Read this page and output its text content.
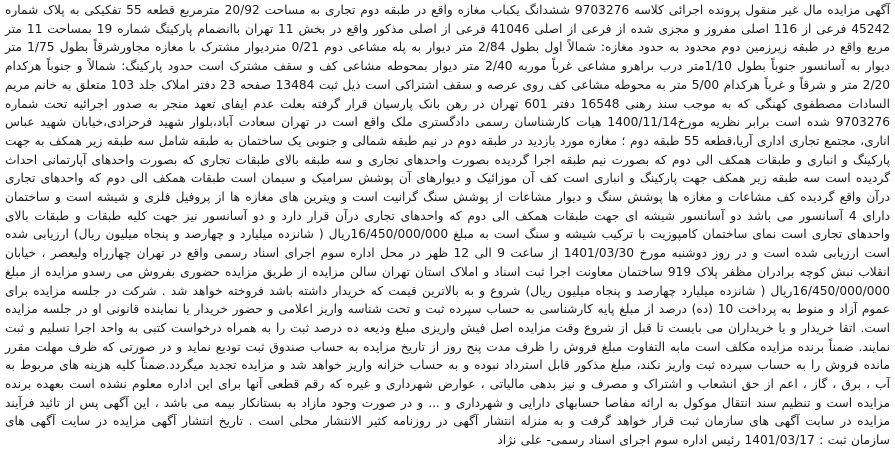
آگهی مزایده مال غیر منقول پرونده اجرائی کلاسه 9703276 ششدانگ یکباب مغازه واقع در طبقه دوم تجاری به مساحت 20/92 مترمربع قطعه 55 تفکیکی به پلاک شماره 45242 فرعی از 116 اصلی مفروز و مجزی شده از فرعی از اصلی 41046 فرعی از اصلی مذکور واقع در بخش 11 تهران باانضمام پارکینگ شماره 19 بمساحت 11 متر مربع واقع در طبقه زیرزمین دوم محدود به حدود مغازه: شمالاً اول بطول 2/84 متر دیوار به پله مشاعی دوم 0/21 متردیوار مشترک با مغازه مجاورشرقاً بطول 1/75 متر دیوار به آسانسور جنوباً بطول 1/10متر درب براهرو مشاعی غرباً موربه 2/40 متر دیوار بمحوطه مشاعی کف و سقف مشترک است حدود پارکینگ: شمالاً و جنوباً هرکدام 2/20 متر و شرقاً و غرباً هرکدام 5/00 متر به محوطه مشاعی کف روی عرصه و سقف اشتراکی است ذیل ثبت 13484 صفحه 23 دفتر املاک جلد 103 متعلق به خانم مریم السادات مصطفوی کهنگی که به موجب سند رهنی 16548 دفتر 601 تهران در رهن بانک پارسیان قرار گرفته بعلت عدم ایفای تعهد منجر به صدور اجرائیه تحت شماره 9703276 شده است برابر نظریه مورخ1400/11/14 هیات کارشناسان رسمی دادگستری ملک واقع است در تهران سعادت آباد،بلوار شهید فرحزادی،خیابان شهید عباس اناری، مجتمع تجاری اداری آریا،قطعه 55 طبقه دوم ؛ مغازه مورد بازدید در طبقه دوم در نیم طبقه شمالی و جنوبی یک ساختمان به طبقه شامل سه طبقه زیر همکف به جهت پارکینگ و انباری و طبقات همکف الی دوم که بصورت نیم طبقه اجرا گردیده بصورت واحدهای تجاری و سه طبقه بالای طبقات تجاری که بصورت واحدهای آپارتمانی احداث گردیده است سه طبقه زیر همکف جهت پارکینگ و انباری است کف آن موزائیک و دیوارهای آن پوشش سرامیک و سیمان است طبقات همکف الی دوم که واحدهای تجاری درآن واقع گردیده کف مشاعات و مغازه ها پوشش سنگ و دیوار مشاعات از پوشش سنگ گرانیت است و ویترین های مغازه ها از پروفیل فلزی و شیشه است و ساختمان دارای 4 آسانسور می باشد دو آسانسور شیشه ای جهت طبقات همکف الی دوم که واحدهای تجاری درآن قرار دارد و دو آسانسور نیز جهت کلیه طبقات و طبقات بالای واحدهای تجاری است نمای ساختمان کامپوزیت با ترکیب شیشه و سنگ است به مبلغ 16/450/000/000ریال ( شانزده میلیارد و چهارصد و پنجاه میلیون ریال) ارزیابی شده است ارزیابی شده است و در روز دوشنبه مورخ 1401/03/30 از ساعت 9 الی 12 ظهر در محل اداره سوم اجرای اسناد رسمی واقع در تهران چهارراه ولیعصر ، خیابان انقلاب نبش کوچه برادران مظفر پلاک 919 ساختمان معاونت اجرا ثبت اسناد و املاک استان تهران سالن مزایده از طریق مزایده حضوری بفروش می رسدو مزایده از مبلغ 16/450/000/000ریال ( شانزده میلیارد چهارصد و پنجاه میلیون ریال) شروع و به بالاترین قیمت که خریدار داشته باشد فروخته خواهد شد . شرکت در جلسه مزایده برای عموم آزاد و منوط به پرداخت 10 (ده) درصد از مبلغ پایه کارشناسی به حساب سپرده ثبت و تحت شناسه واریز اعلامی و حضور خریدار یا نماینده قانونی او در جلسه مزایده است. اتقا خریدار و یا خریداران می بایست تا قبل از شروع وقت مزایده اصل فیش واریزی مبلغ ودیعه ده درصد ثبت را به همراه درخواست کتبی به واحد اجرا تسلیم و ثبت نمایند. ضمناً برنده مزایده مکلف است مابه التفاوت مبلغ فروش را ظرف مدت پنج روز از تاریخ مزایده به حساب صندوق ثبت تودیع نماید و در صورتی که ظرف مهلت مقرر مانده فروش را به حساب سپرده ثبت واریز نکند، مبلغ مذکور قابل استرداد نبوده و به حساب خزانه واریز خواهد شد و مزایده تجدید میگردد.ضمناً کلیه هزینه های مربوط به آب ، برق ، گاز ، اعم از حق انشعاب و اشتراک و مصرف و نیز بدهی مالیاتی ، عوارض شهرداری و غیره که رقم قطعی آنها برای این اداره معلوم نشده است بعهده برنده مزایده است و تنظیم سند انتقال موکول به ارائه مفاصا حسابهای دارایی و شهرداری و ... و در صورت وجود مازاد به بستانکار بیمه می باشد ، این آگهی پس از تائید فرآیند مزایده در سایت آگهی های سازمان ثبت قرار خواهد گرفت و به منزله انتشار آگهی در روزنامه کثیر الانتشار محلی است . تاریخ انتشار آگهی مزایده در سایت آگهی های سازمان ثبت : 1401/03/17 رئیس اداره سوم اجرای اسناد رسمی- علی نژاد
